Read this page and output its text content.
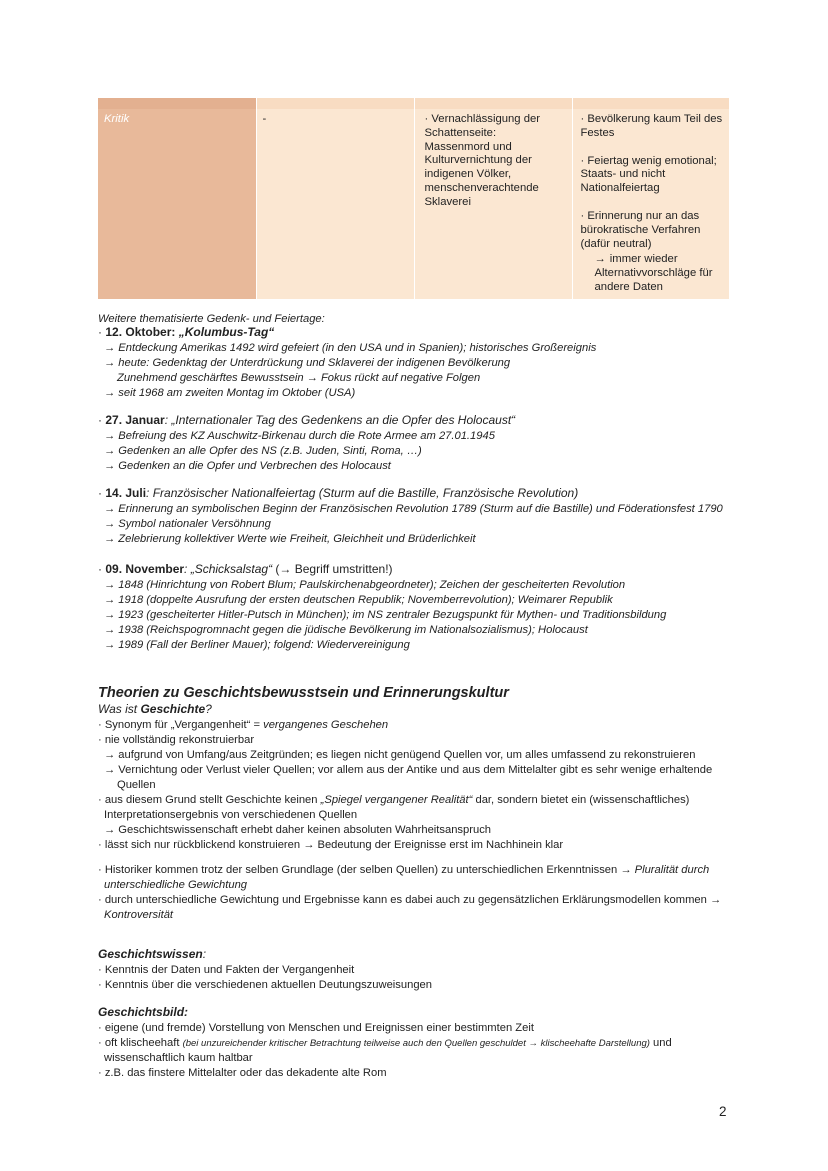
Kritik	-	· Vernachlässigung der Schattenseite: Massenmord und Kulturvernichtung der indigenen Völker, menschenverachtende Sklaverei	· Bevölkerung kaum Teil des Festes

· Feiertag wenig emotional; Staats- und nicht Nationalfeiertag

· Erinnerung nur an das bürokratische Verfahren (dafür neutral)

→ immer wieder Alternativvorschläge für andere Daten
Weitere thematisierte Gedenk- und Feiertage:
· 12. Oktober: „Kolumbus-Tag“
→ Entdeckung Amerikas 1492 wird gefeiert (in den USA und in Spanien); historisches Großereignis
→ heute: Gedenktag der Unterdrückung und Sklaverei der indigenen Bevölkerung
Zunehmend geschärftes Bewusstsein → Fokus rückt auf negative Folgen
→ seit 1968 am zweiten Montag im Oktober (USA)
· 27. Januar: „Internationaler Tag des Gedenkens an die Opfer des Holocaust“
→ Befreiung des KZ Auschwitz-Birkenau durch die Rote Armee am 27.01.1945
→ Gedenken an alle Opfer des NS (z.B. Juden, Sinti, Roma, …)
→ Gedenken an die Opfer und Verbrechen des Holocaust
· 14. Juli: Französischer Nationalfeiertag (Sturm auf die Bastille, Französische Revolution)
→ Erinnerung an symbolischen Beginn der Französischen Revolution 1789 (Sturm auf die Bastille) und Föderationsfest 1790
→ Symbol nationaler Versöhnung
→ Zelebrierung kollektiver Werte wie Freiheit, Gleichheit und Brüderlichkeit
· 09. November: „Schicksalstag“ (→ Begriff umstritten!)
→ 1848 (Hinrichtung von Robert Blum; Paulskirchenabgeordneter); Zeichen der gescheiterten Revolution
→ 1918 (doppelte Ausrufung der ersten deutschen Republik; Novemberrevolution); Weimarer Republik
→ 1923 (gescheiterter Hitler-Putsch in München); im NS zentraler Bezugspunkt für Mythen- und Traditionsbildung
→ 1938 (Reichspogromnacht gegen die jüdische Bevölkerung im Nationalsozialismus); Holocaust
→ 1989 (Fall der Berliner Mauer); folgend: Wiedervereinigung
Theorien zu Geschichtsbewusstsein und Erinnerungskultur
Was ist Geschichte?
· Synonym für „Vergangenheit“ = vergangenes Geschehen
· nie vollständig rekonstruierbar
→ aufgrund von Umfang/aus Zeitgründen; es liegen nicht genügend Quellen vor, um alles umfassend zu rekonstruieren
→ Vernichtung oder Verlust vieler Quellen; vor allem aus der Antike und aus dem Mittelalter gibt es sehr wenige erhaltende
Quellen
· aus diesem Grund stellt Geschichte keinen „Spiegel vergangener Realität“ dar, sondern bietet ein (wissenschaftliches)
Interpretationsergebnis von verschiedenen Quellen
→ Geschichtswissenschaft erhebt daher keinen absoluten Wahrheitsanspruch
· lässt sich nur rückblickend konstruieren → Bedeutung der Ereignisse erst im Nachhinein klar
· Historiker kommen trotz der selben Grundlage (der selben Quellen) zu unterschiedlichen Erkenntnissen → Pluralität durch
unterschiedliche Gewichtung
· durch unterschiedliche Gewichtung und Ergebnisse kann es dabei auch zu gegensätzlichen Erklärungsmodellen kommen →
Kontroversität
Geschichtswissen:
· Kenntnis der Daten und Fakten der Vergangenheit
· Kenntnis über die verschiedenen aktuellen Deutungszuweisungen
Geschichtsbild:
· eigene (und fremde) Vorstellung von Menschen und Ereignissen einer bestimmten Zeit
· oft klischeehaft (bei unzureichender kritischer Betrachtung teilweise auch den Quellen geschuldet → klischeehafte Darstellung) und
wissenschaftlich kaum haltbar
· z.B. das finstere Mittelalter oder das dekadente alte Rom
2
